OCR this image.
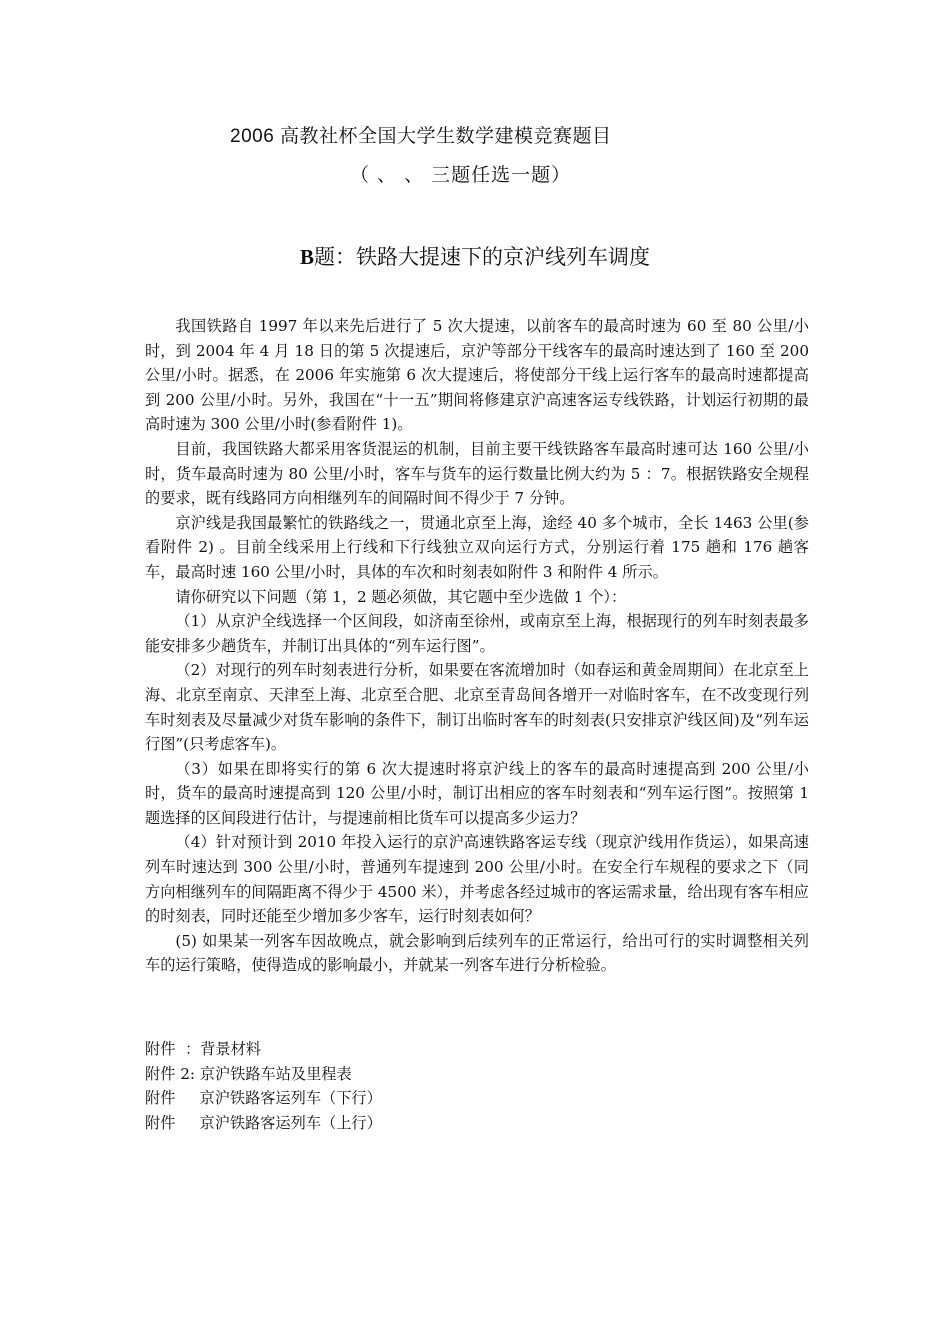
2006 高教社杯全国大学生数学建模竞赛题目
（ 、 、 三题任选一题）
B题：铁路大提速下的京沪线列车调度

我国铁路自 1997 年以来先后进行了 5 次大提速，以前客车的最高时速为 60 至 80 公里/小时，到 2004 年 4 月 18 日的第 5 次提速后，京沪等部分干线客车的最高时速达到了 160 至 200 公里/小时。据悉，在 2006 年实施第 6 次大提速后，将使部分干线上运行客车的最高时速都提高到 200 公里/小时。另外，我国在“十一五”期间将修建京沪高速客运专线铁路，计划运行初期的最高时速为 300 公里/小时(参看附件 1)。

目前，我国铁路大都采用客货混运的机制，目前主要干线铁路客车最高时速可达 160 公里/小时，货车最高时速为 80 公里/小时，客车与货车的运行数量比例大约为 5 ：7。根据铁路安全规程的要求，既有线路同方向相继列车的间隔时间不得少于 7 分钟。

京沪线是我国最繁忙的铁路线之一，贯通北京至上海，途经 40 多个城市，全长 1463 公里(参看附件 2) 。目前全线采用上行线和下行线独立双向运行方式，分别运行着 175 趟和 176 趟客车，最高时速 160 公里/小时，具体的车次和时刻表如附件 3 和附件 4 所示。

请你研究以下问题（第 1，2 题必须做，其它题中至少选做 1 个）：

（1）从京沪全线选择一个区间段，如济南至徐州，或南京至上海，根据现行的列车时刻表最多能安排多少趟货车，并制订出具体的“列车运行图”。

（2）对现行的列车时刻表进行分析，如果要在客流增加时（如春运和黄金周期间）在北京至上海、北京至南京、天津至上海、北京至合肥、北京至青岛间各增开一对临时客车，在不改变现行列车时刻表及尽量减少对货车影响的条件下，制订出临时客车的时刻表(只安排京沪线区间)及“列车运行图”(只考虑客车)。

（3）如果在即将实行的第 6 次大提速时将京沪线上的客车的最高时速提高到 200 公里/小时，货车的最高时速提高到 120 公里/小时，制订出相应的客车时刻表和“列车运行图”。按照第 1 题选择的区间段进行估计，与提速前相比货车可以提高多少运力？

（4）针对预计到 2010 年投入运行的京沪高速铁路客运专线（现京沪线用作货运），如果高速列车时速达到 300 公里/小时，普通列车提速到 200 公里/小时。在安全行车规程的要求之下（同方向相继列车的间隔距离不得少于 4500 米），并考虑各经过城市的客运需求量，给出现有客车相应的时刻表，同时还能至少增加多少客车，运行时刻表如何？

(5) 如果某一列客车因故晚点，就会影响到后续列车的正常运行，给出可行的实时调整相关列车的运行策略，使得造成的影响最小，并就某一列客车进行分析检验。

附件  ：背景材料
附件 2: 京沪铁路车站及里程表
附件     京沪铁路客运列车（下行）
附件     京沪铁路客运列车（上行）
